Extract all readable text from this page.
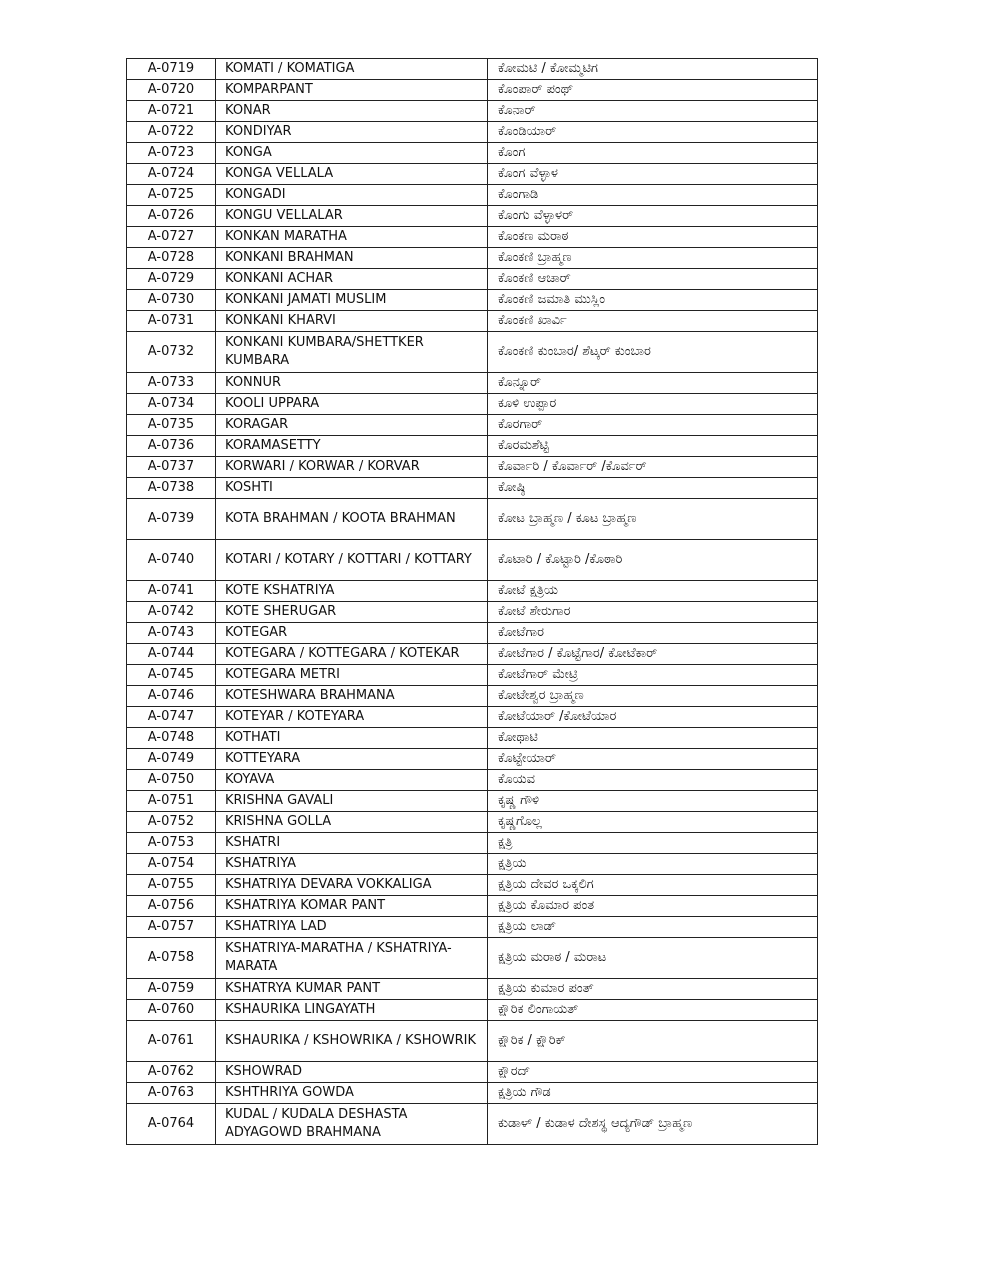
A-0719	KOMATI / KOMATIGA	ಕೋಮಟಿ / ಕೋಮ್ಮಟಿಗ
A-0720	KOMPARPANT	ಕೊಂಪಾರ್ ಪಂಥ್
A-0721	KONAR	ಕೊನಾರ್
A-0722	KONDIYAR	ಕೊಂಡಿಯಾರ್
A-0723	KONGA	ಕೊಂಗ
A-0724	KONGA VELLALA	ಕೊಂಗ ವೆಳ್ಳಾಳ
A-0725	KONGADI	ಕೊಂಗಾಡಿ
A-0726	KONGU VELLALAR	ಕೊಂಗು ವೆಳ್ಳಾಳರ್
A-0727	KONKAN MARATHA	ಕೊಂಕಣ ಮರಾಠ
A-0728	KONKANI BRAHMAN	ಕೊಂಕಣಿ ಬ್ರಾಹ್ಮಣ
A-0729	KONKANI ACHAR	ಕೊಂಕಣಿ ಆಚಾರ್
A-0730	KONKANI JAMATI MUSLIM	ಕೊಂಕಣಿ ಜಮಾತಿ ಮುಸ್ಲಿಂ
A-0731	KONKANI KHARVI	ಕೊಂಕಣಿ ಖಾರ್ವಿ
A-0732	KONKANI KUMBARA/SHETTKER KUMBARA	ಕೊಂಕಣಿ ಕುಂಬಾರ/ ಶೆಟ್ಕರ್ ಕುಂಬಾರ
A-0733	KONNUR	ಕೊನ್ನೂರ್
A-0734	KOOLI UPPARA	ಕೂಳಿ ಉಪ್ಪಾರ
A-0735	KORAGAR	ಕೊರಗಾರ್
A-0736	KORAMASETTY	ಕೊರಮಶೆಟ್ಟಿ
A-0737	KORWARI / KORWAR / KORVAR	ಕೊರ್ವಾರಿ / ಕೊರ್ವಾರ್ /ಕೊರ್ವರ್
A-0738	KOSHTI	ಕೋಷ್ಠಿ
A-0739	KOTA BRAHMAN / KOOTA BRAHMAN	ಕೋಟ ಬ್ರಾಹ್ಮಣ / ಕೂಟ ಬ್ರಾಹ್ಮಣ
A-0740	KOTARI / KOTARY / KOTTARI / KOTTARY	ಕೊಟಾರಿ / ಕೊಟ್ಟಾರಿ /ಕೊಠಾರಿ
A-0741	KOTE KSHATRIYA	ಕೋಟೆ ಕ್ಷತ್ರಿಯ
A-0742	KOTE SHERUGAR	ಕೋಟೆ ಶೇರುಗಾರ
A-0743	KOTEGAR	ಕೋಟೆಗಾರ
A-0744	KOTEGARA / KOTTEGARA / KOTEKAR	ಕೋಟೆಗಾರ / ಕೊಟ್ಟೆಗಾರ/ ಕೋಟೆಕಾರ್
A-0745	KOTEGARA METRI	ಕೋಟೆಗಾರ್ ಮೇಟ್ರಿ
A-0746	KOTESHWARA BRAHMANA	ಕೋಟೇಶ್ವರ ಬ್ರಾಹ್ಮಣ
A-0747	KOTEYAR / KOTEYARA	ಕೋಟೆಯಾರ್ /ಕೋಟೆಯಾರ
A-0748	KOTHATI	ಕೋಥಾಟಿ
A-0749	KOTTEYARA	ಕೊಟ್ಟೇಯಾರ್
A-0750	KOYAVA	ಕೊಯವ
A-0751	KRISHNA GAVALI	ಕೃಷ್ಣ ಗೌಳಿ
A-0752	KRISHNA GOLLA	ಕೃಷ್ಣಗೊಲ್ಲ
A-0753	KSHATRI	ಕ್ಷತ್ರಿ
A-0754	KSHATRIYA	ಕ್ಷತ್ರಿಯ
A-0755	KSHATRIYA DEVARA VOKKALIGA	ಕ್ಷತ್ರಿಯ ದೇವರ ಒಕ್ಕಲಿಗ
A-0756	KSHATRIYA KOMAR PANT	ಕ್ಷತ್ರಿಯ ಕೊಮಾರ ಪಂತ
A-0757	KSHATRIYA LAD	ಕ್ಷತ್ರಿಯ ಲಾಡ್
A-0758	KSHATRIYA-MARATHA / KSHATRIYA-MARATA	ಕ್ಷತ್ರಿಯ ಮರಾಠ / ಮರಾಟ
A-0759	KSHATRYA KUMAR PANT	ಕ್ಷತ್ರಿಯ ಕುಮಾರ ಪಂತ್
A-0760	KSHAURIKA LINGAYATH	ಕ್ಷೌರಿಕ ಲಿಂಗಾಯತ್
A-0761	KSHAURIKA / KSHOWRIKA / KSHOWRIK	ಕ್ಷೌರಿಕ / ಕ್ಷೌರಿಕ್
A-0762	KSHOWRAD	ಕ್ಷೌರದ್
A-0763	KSHTHRIYA GOWDA	ಕ್ಷತ್ರಿಯ ಗೌಡ
A-0764	KUDAL / KUDALA DESHASTA ADYAGOWD BRAHMANA	ಕುಡಾಳ್ / ಕುಡಾಳ ದೇಶಸ್ಥ ಆದ್ಯಗೌಡ್ ಬ್ರಾಹ್ಮಣ
